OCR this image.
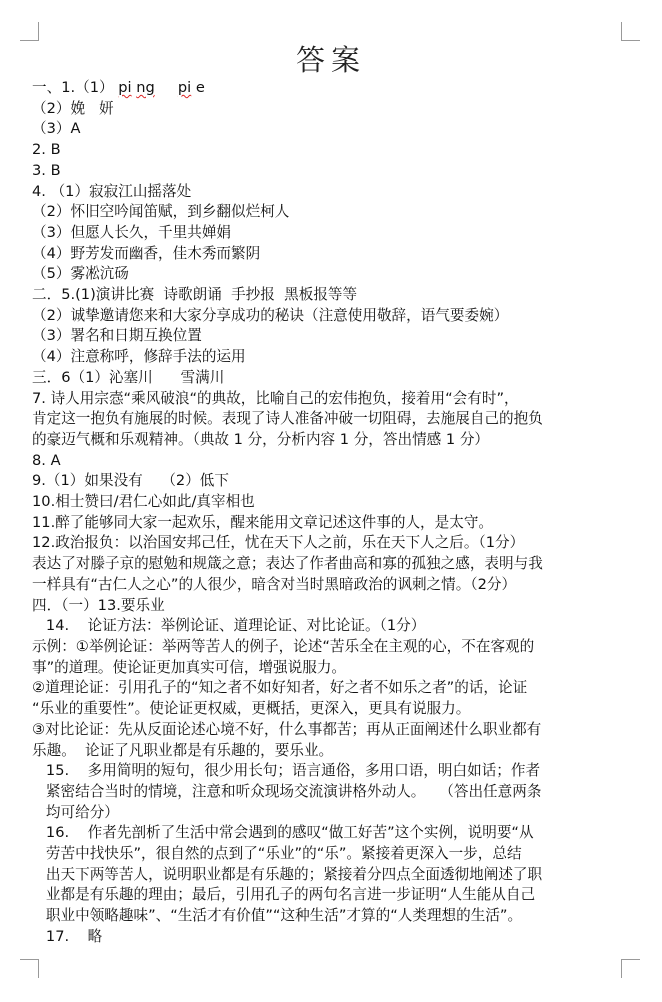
答案
一、1.（1） pi ng pi e
（2）娩   妍
（3）A
2. B
3. B
4. （1）寂寂江山摇落处
（2）怀旧空吟闻笛赋，到乡翻似烂柯人
（3）但愿人长久，千里共婵娟
（4）野芳发而幽香，佳木秀而繁阴
（5）雾凇沆砀
二．5.(1)演讲比赛  诗歌朗诵  手抄报  黑板报等等
（2）诚挚邀请您来和大家分享成功的秘诀（注意使用敬辞，语气要委婉）
（3）署名和日期互换位置
（4）注意称呼，修辞手法的运用
三．6（1）沁塞川      雪满川
7. 诗人用宗悫“乘风破浪“的典故，比喻自己的宏伟抱负，接着用“会有时”，
肯定这一抱负有施展的时候。表现了诗人准备冲破一切阻碍，去施展自己的抱负
的豪迈气概和乐观精神。（典故 1 分，分析内容 1 分，答出情感 1 分）
8. A
9.（1）如果没有    （2）低下
10.相士赞曰/君仁心如此/真宰相也
11.醉了能够同大家一起欢乐，醒来能用文章记述这件事的人，是太守。
12.政治报负：以治国安邦己任，忧在天下人之前，乐在天下人之后。（1分）
表达了对滕子京的慰勉和规箴之意；表达了作者曲高和寡的孤独之感，表明与我
一样具有“古仁人之心”的人很少，暗含对当时黑暗政治的讽刺之情。（2分）
四．（一）13.要乐业
14.    论证方法：举例论证、道理论证、对比论证。（1分）
示例：①举例论证：举两等苦人的例子，论述“苦乐全在主观的心，不在客观的
事”的道理。使论证更加真实可信，增强说服力。
②道理论证：引用孔子的“知之者不如好知者，好之者不如乐之者”的话，论证
“乐业的重要性”。使论证更权威，更概括，更深入，更具有说服力。
③对比论证：先从反面论述心境不好，什么事都苦；再从正面阐述什么职业都有
乐趣。  论证了凡职业都是有乐趣的，要乐业。
15.    多用简明的短句，很少用长句；语言通俗，多用口语，明白如话；作者
紧密结合当时的情境，注意和听众现场交流演讲格外动人。   （答出任意两条
均可给分）
16.    作者先剖析了生活中常会遇到的感叹“做工好苦”这个实例，说明要“从
劳苦中找快乐”，很自然的点到了“乐业”的“乐”。紧接着更深入一步，总结
出天下两等苦人，说明职业都是有乐趣的；紧接着分四点全面透彻地阐述了职
业都是有乐趣的理由；最后，引用孔子的两句名言进一步证明“人生能从自己
职业中领略趣味”、“生活才有价值”“这种生活”才算的“人类理想的生活”。
17.    略
